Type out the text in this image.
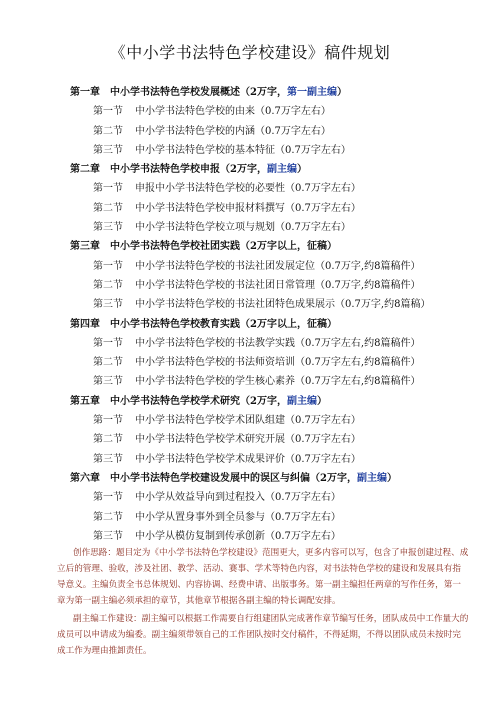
《中小学书法特色学校建设》稿件规划
第一章 中小学书法特色学校发展概述（2万字，第一副主编）
第一节 中小学书法特色学校的由来（0.7万字左右）
第二节 中小学书法特色学校的内涵（0.7万字左右）
第三节 中小学书法特色学校的基本特征（0.7万字左右）
第二章 中小学书法特色学校申报（2万字，副主编）
第一节 申报中小学书法特色学校的必要性（0.7万字左右）
第二节 中小学书法特色学校申报材料撰写（0.7万字左右）
第三节 中小学书法特色学校立项与规划（0.7万字左右）
第三章 中小学书法特色学校社团实践（2万字以上，征稿）
第一节 中小学书法特色学校的书法社团发展定位（0.7万字,约8篇稿件）
第二节 中小学书法特色学校的书法社团日常管理（0.7万字,约8篇稿件）
第三节 中小学书法特色学校的书法社团特色成果展示（0.7万字,约8篇稿）
第四章 中小学书法特色学校教育实践（2万字以上，征稿）
第一节 中小学书法特色学校的书法教学实践（0.7万字左右,约8篇稿件）
第二节 中小学书法特色学校的书法师资培训（0.7万字左右,约8篇稿件）
第三节 中小学书法特色学校的学生核心素养（0.7万字左右,约8篇稿件）
第五章 中小学书法特色学校学术研究（2万字，副主编）
第一节 中小学书法特色学校学术团队组建（0.7万字左右）
第二节 中小学书法特色学校学术研究开展（0.7万字左右）
第三节 中小学书法特色学校学术成果评价（0.7万字左右）
第六章 中小学书法特色学校建设发展中的误区与纠偏（2万字，副主编）
第一节 中小学从效益导向到过程投入（0.7万字左右）
第二节 中小学从置身事外到全员参与（0.7万字左右）
第三节 中小学从模仿复制到传承创新（0.7万字左右）

创作思路：题目定为《中小学书法特色学校建设》范围更大，更多内容可以写，包含了申报创建过程、成立后的管理、验收，涉及社团、教学、活动、赛事、学术等特色内容，对书法特色学校的建设和发展具有指导意义。主编负责全书总体规划、内容协调、经费申请、出版事务。第一副主编担任两章的写作任务，第一章为第一副主编必须承担的章节，其他章节根据各副主编的特长调配安排。

副主编工作建设：副主编可以根据工作需要自行组建团队完成著作章节编写任务，团队成员中工作量大的成员可以申请成为编委。副主编须带领自己的工作团队按时交付稿件，不得延期，不得以团队成员未按时完成工作为理由推卸责任。
